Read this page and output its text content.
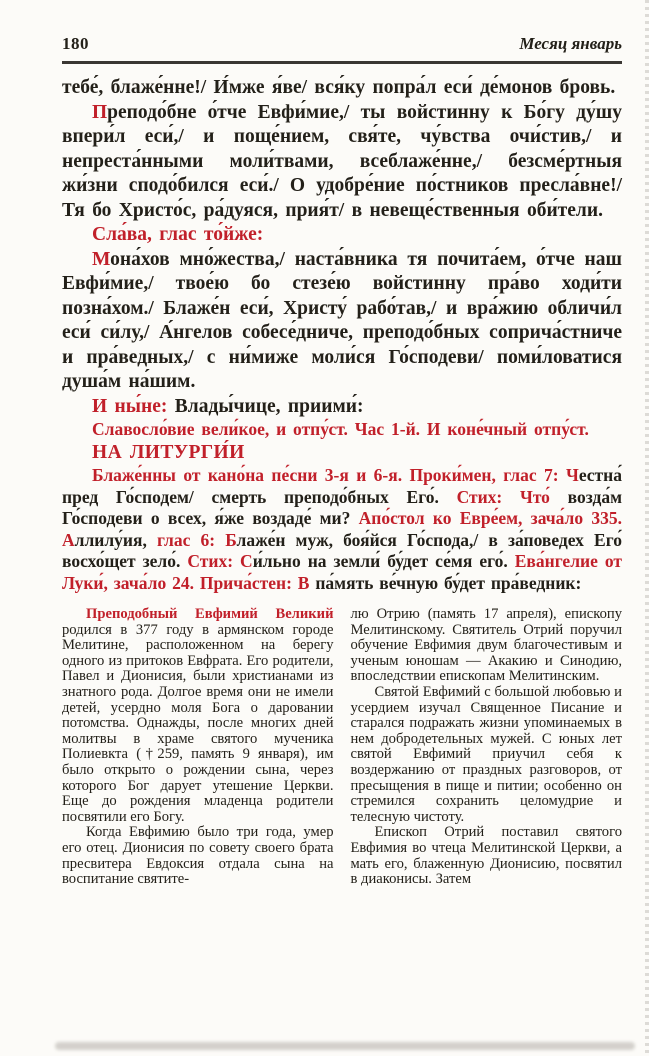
180	Месяц январь

тебе́, блаже́нне!/ И́мже я́ве/ вся́ку попра́л еси́ де́монов бровь.

Преподо́бне о́тче Евфи́мие,/ ты войстинну к Бо́гу ду́шу впери́л еси́,/ и поще́нием, свя́те, чу́вства очи́стив,/ и непреста́нными моли́твами, всеблаже́нне,/ безсме́ртныя жи́зни сподо́бился еси́./ О удобре́ние по́стников пресла́вне!/ Тя бо Христо́с, ра́дуяся, прия́т/ в невеще́ственныя оби́тели.

Сла́ва, глас то́йже:

Мона́хов мно́жества,/ наста́вника тя почита́ем, о́тче наш Евфи́мие,/ твое́ю бо стезе́ю войстинну пра́во ходи́ти позна́хом./ Блаже́н еси́, Христу́ рабо́тав,/ и вра́жию обличи́л еси́ си́лу,/ А́нгелов собесе́дниче, преподо́бных соприча́стниче и пра́ведных,/ с ни́миже моли́ся Го́сподеви/ поми́ловатися душа́м на́шим.

И ны́не: Влады́чице, приими́:

Славосло́вие вели́кое, и отпу́ст. Час 1-й. И коне́чный отпу́ст.

НА ЛИТУРГИ́И

Блаже́нны от кано́на пе́сни 3-я и 6-я. Проки́мен, глас 7: Честна́ пред Го́сподем/ смерть преподо́бных Его́. Стих: Что́ возда́м Го́сподеви о всех, я́же воздаде́ ми? Апо́стол ко Евре́ем, зача́ло 335. Аллилу́ия, глас 6: Блаже́н муж, боя́йся Го́спода,/ в за́поведех Его́ восхо́щет зело́. Стих: Си́льно на земли́ бу́дет се́мя его́. Ева́нгелие от Луки́, зача́ло 24. Прича́стен: В па́мять ве́чную бу́дет пра́ведник:

Преподобный Евфимий Великий родился в 377 году в армянском городе Мелитине, расположенном на берегу одного из притоков Евфрата. Его родители, Павел и Дионисия, были христианами из знатного рода. Долгое время они не имели детей, усердно моля Бога о даровании потомства. Однажды, после многих дней молитвы в храме святого мученика Полиевкта (†259, память 9 января), им было открыто о рождении сына, через которого Бог дарует утешение Церкви. Еще до рождения младенца родители посвятили его Богу.

Когда Евфимию было три года, умер его отец. Дионисия по совету своего брата пресвитера Евдоксия отдала сына на воспитание святите-

лю Отрию (память 17 апреля), епископу Мелитинскому. Святитель Отрий поручил обучение Евфимия двум благочестивым и ученым юношам — Акакию и Синодию, впоследствии епископам Мелитинским.

Святой Евфимий с большой любовью и усердием изучал Священное Писание и старался подражать жизни упоминаемых в нем добродетельных мужей. С юных лет святой Евфимий приучил себя к воздержанию от праздных разговоров, от пресыщения в пище и питии; особенно он стремился сохранить целомудрие и телесную чистоту.

Епископ Отрий поставил святого Евфимия во чтеца Мелитинской Церкви, а мать его, блаженную Дионисию, посвятил в диаконисы. Затем
